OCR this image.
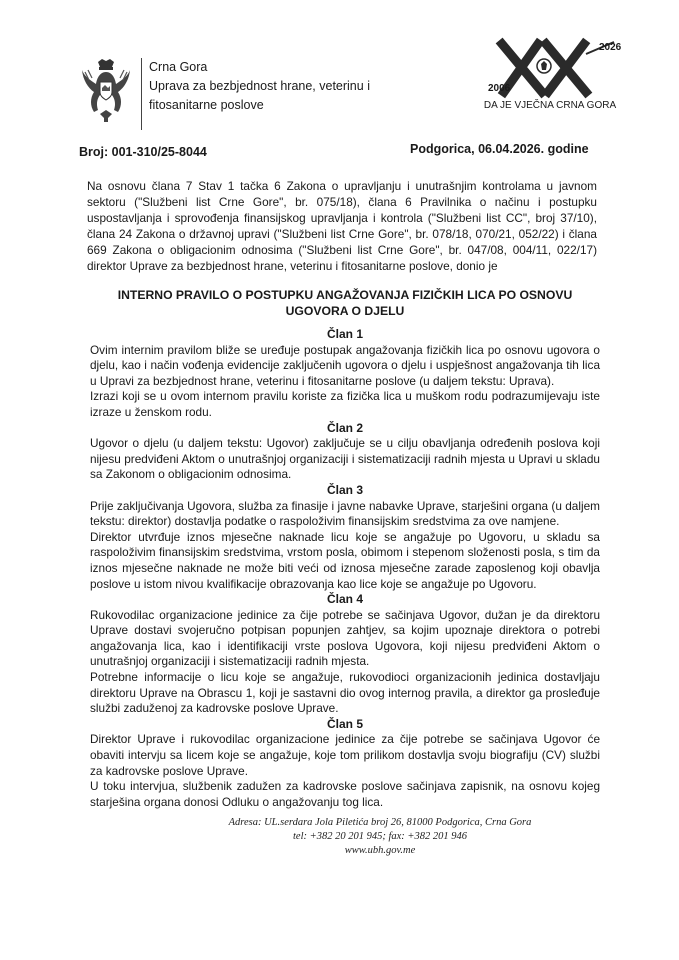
Crna Gora
Uprava za bezbjednost hrane, veterinu i
fitosanitarne poslove
2026
2006
DA JE VJEČNA CRNA GORA
Broj: 001-310/25-8044	Podgorica, 06.04.2026. godine
Na osnovu člana 7 Stav 1 tačka 6 Zakona o upravljanju i unutrašnjim kontrolama u javnom sektoru ("Službeni list Crne Gore", br. 075/18), člana 6 Pravilnika o načinu i postupku uspostavljanja i sprovođenja finansijskog upravljanja i kontrola ("Službeni list CC", broj 37/10), člana 24 Zakona o državnoj upravi ("Službeni list Crne Gore", br. 078/18, 070/21, 052/22) i člana 669 Zakona o obligacionim odnosima ("Službeni list Crne Gore", br. 047/08, 004/11, 022/17) direktor Uprave za bezbjednost hrane, veterinu i fitosanitarne poslove, donio je
INTERNO PRAVILO O POSTUPKU ANGAŽOVANJA FIZIČKIH LICA PO OSNOVU
UGOVORA O DJELU
Član 1

Ovim internim pravilom bliže se uređuje postupak angažovanja fizičkih lica po osnovu ugovora o djelu, kao i način vođenja evidencije zaključenih ugovora o djelu i uspješnost angažovanja tih lica u Upravi za bezbjednost hrane, veterinu i fitosanitarne poslove (u daljem tekstu: Uprava).

Izrazi koji se u ovom internom pravilu koriste za fizička lica u muškom rodu podrazumijevaju iste izraze u ženskom rodu.

Član 2

Ugovor o djelu (u daljem tekstu: Ugovor) zaključuje se u cilju obavljanja određenih poslova koji nijesu predviđeni Aktom o unutrašnjoj organizaciji i sistematizaciji radnih mjesta u Upravi u skladu sa Zakonom o obligacionim odnosima.

Član 3

Prije zaključivanja Ugovora, služba za finasije i javne nabavke Uprave, starješini organa (u daljem tekstu: direktor) dostavlja podatke o raspoloživim finansijskim sredstvima za ove namjene.

Direktor utvrđuje iznos mjesečne naknade licu koje se angažuje po Ugovoru, u skladu sa raspoloživim finansijskim sredstvima, vrstom posla, obimom i stepenom složenosti posla, s tim da iznos mjesečne naknade ne može biti veći od iznosa mjesečne zarade zaposlenog koji obavlja poslove u istom nivou kvalifikacije obrazovanja kao lice koje se angažuje po Ugovoru.

Član 4

Rukovodilac organizacione jedinice za čije potrebe se sačinjava Ugovor, dužan je da direktoru Uprave dostavi svojeručno potpisan popunjen zahtjev, sa kojim upoznaje direktora o potrebi angažovanja lica, kao i identifikaciji vrste poslova Ugovora, koji nijesu predviđeni Aktom o unutrašnjoj organizaciji i sistematizaciji radnih mjesta.

Potrebne informacije o licu koje se angažuje, rukovodioci organizacionih jedinica dostavljaju direktoru Uprave na Obrascu 1, koji je sastavni dio ovog internog pravila, a direktor ga prosleđuje službi zaduženoj za kadrovske poslove Uprave.

Član 5

Direktor Uprave i rukovodilac organizacione jedinice za čije potrebe se sačinjava Ugovor će obaviti intervju sa licem koje se angažuje, koje tom prilikom dostavlja svoju biografiju (CV) službi za kadrovske poslove Uprave.

U toku intervjua, službenik zadužen za kadrovske poslove sačinjava zapisnik, na osnovu kojeg starješina organa donosi Odluku o angažovanju tog lica.

Adresa: UL.serdara Jola Piletića broj 26, 81000 Podgorica, Crna Gora
tel: +382 20 201 945; fax: +382 201 946
www.ubh.gov.me
